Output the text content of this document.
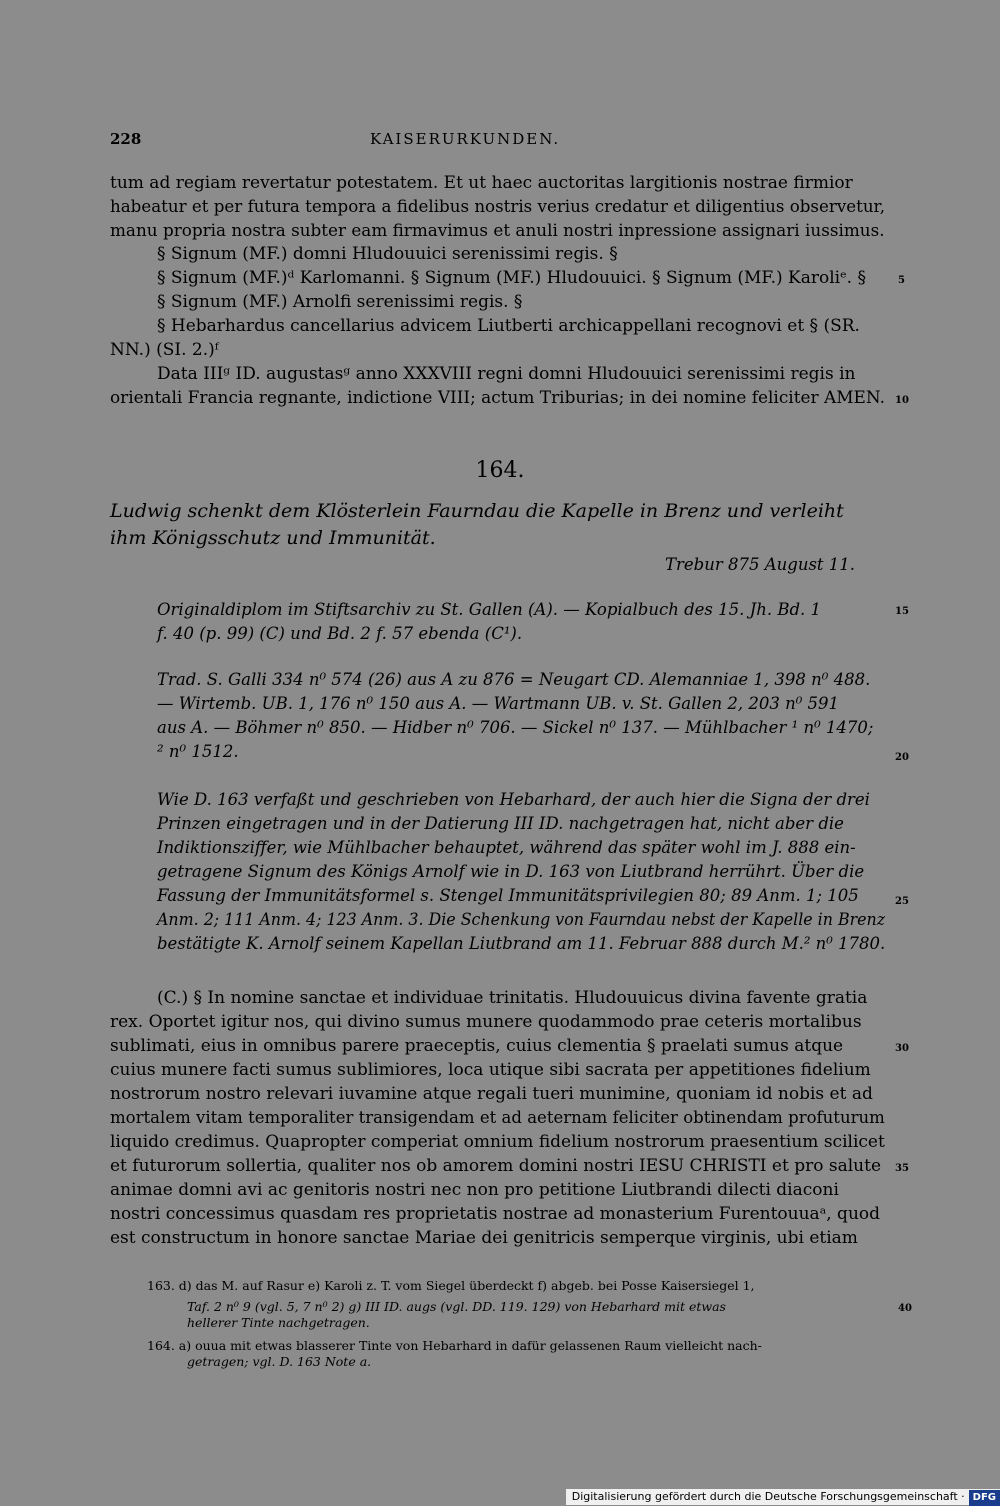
228	KAISERURKUNDEN.
tum ad regiam revertatur potestatem. Et ut haec auctoritas largitionis nostrae firmior
habeatur et per futura tempora a fidelibus nostris verius credatur et diligentius observetur,
manu propria nostra subter eam firmavimus et anuli nostri inpressione assignari iussimus.
§ Signum (MF.) domni Hludouuici serenissimi regis. §
§ Signum (MF.)ᵈ Karlomanni. § Signum (MF.) Hludouuici. § Signum (MF.) Karoliᵉ. §
§ Signum (MF.) Arnolfi serenissimi regis. §
§ Hebarhardus cancellarius advicem Liutberti archicappellani recognovi et § (SR.
NN.) (SI. 2.)ᶠ
Data IIIᵍ ID. augustasᵍ anno XXXVIII regni domni Hludouuici serenissimi regis in
orientali Francia regnante, indictione VIII; actum Triburias; in dei nomine feliciter AMEN.
5
10
164.
Ludwig schenkt dem Klösterlein Faurndau die Kapelle in Brenz und verleiht
ihm Königsschutz und Immunität.
Trebur 875 August 11.
Originaldiplom im Stiftsarchiv zu St. Gallen (A). — Kopialbuch des 15. Jh. Bd. 1
f. 40 (p. 99) (C) und Bd. 2 f. 57 ebenda (C¹).
15
Trad. S. Galli 334 n⁰ 574 (26) aus A zu 876 = Neugart CD. Alemanniae 1, 398 n⁰ 488.
— Wirtemb. UB. 1, 176 n⁰ 150 aus A. — Wartmann UB. v. St. Gallen 2, 203 n⁰ 591
aus A. — Böhmer n⁰ 850. — Hidber n⁰ 706. — Sickel n⁰ 137. — Mühlbacher ¹ n⁰ 1470;
² n⁰ 1512.	20
Wie D. 163 verfaßt und geschrieben von Hebarhard, der auch hier die Signa der drei
Prinzen eingetragen und in der Datierung III ID. nachgetragen hat, nicht aber die
Indiktionsziffer, wie Mühlbacher behauptet, während das später wohl im J. 888 ein-
getragene Signum des Königs Arnolf wie in D. 163 von Liutbrand herrührt. Über die
Fassung der Immunitätsformel s. Stengel Immunitätsprivilegien 80; 89 Anm. 1; 105
Anm. 2; 111 Anm. 4; 123 Anm. 3. Die Schenkung von Faurndau nebst der Kapelle in Brenz
bestätigte K. Arnolf seinem Kapellan Liutbrand am 11. Februar 888 durch M.² n⁰ 1780.
25
(C.) § In nomine sanctae et individuae trinitatis. Hludouuicus divina favente gratia
rex. Oportet igitur nos, qui divino sumus munere quodammodo prae ceteris mortalibus
sublimati, eius in omnibus parere praeceptis, cuius clementia § praelati sumus atque
cuius munere facti sumus sublimiores, loca utique sibi sacrata per appetitiones fidelium
nostrorum nostro relevari iuvamine atque regali tueri munimine, quoniam id nobis et ad
mortalem vitam temporaliter transigendam et ad aeternam feliciter obtinendam profuturum
liquido credimus. Quapropter comperiat omnium fidelium nostrorum praesentium scilicet
et futurorum sollertia, qualiter nos ob amorem domini nostri IESU CHRISTI et pro salute
animae domni avi ac genitoris nostri nec non pro petitione Liutbrandi dilecti diaconi
nostri concessimus quasdam res proprietatis nostrae ad monasterium Furentouuaᵃ, quod
est constructum in honore sanctae Mariae dei genitricis semperque virginis, ubi etiam
30
35
163. d) das M. auf Rasur e) Karoli z. T. vom Siegel überdeckt f) abgeb. bei Posse Kaisersiegel 1,
Taf. 2 n⁰ 9 (vgl. 5, 7 n⁰ 2) g) III ID. augs (vgl. DD. 119. 129) von Hebarhard mit etwas
hellerer Tinte nachgetragen.
164. a) ouua mit etwas blasserer Tinte von Hebarhard in dafür gelassenen Raum vielleicht nach-
getragen; vgl. D. 163 Note a.
40
Digitalisierung gefördert durch die Deutsche Forschungsgemeinschaft · DFG
